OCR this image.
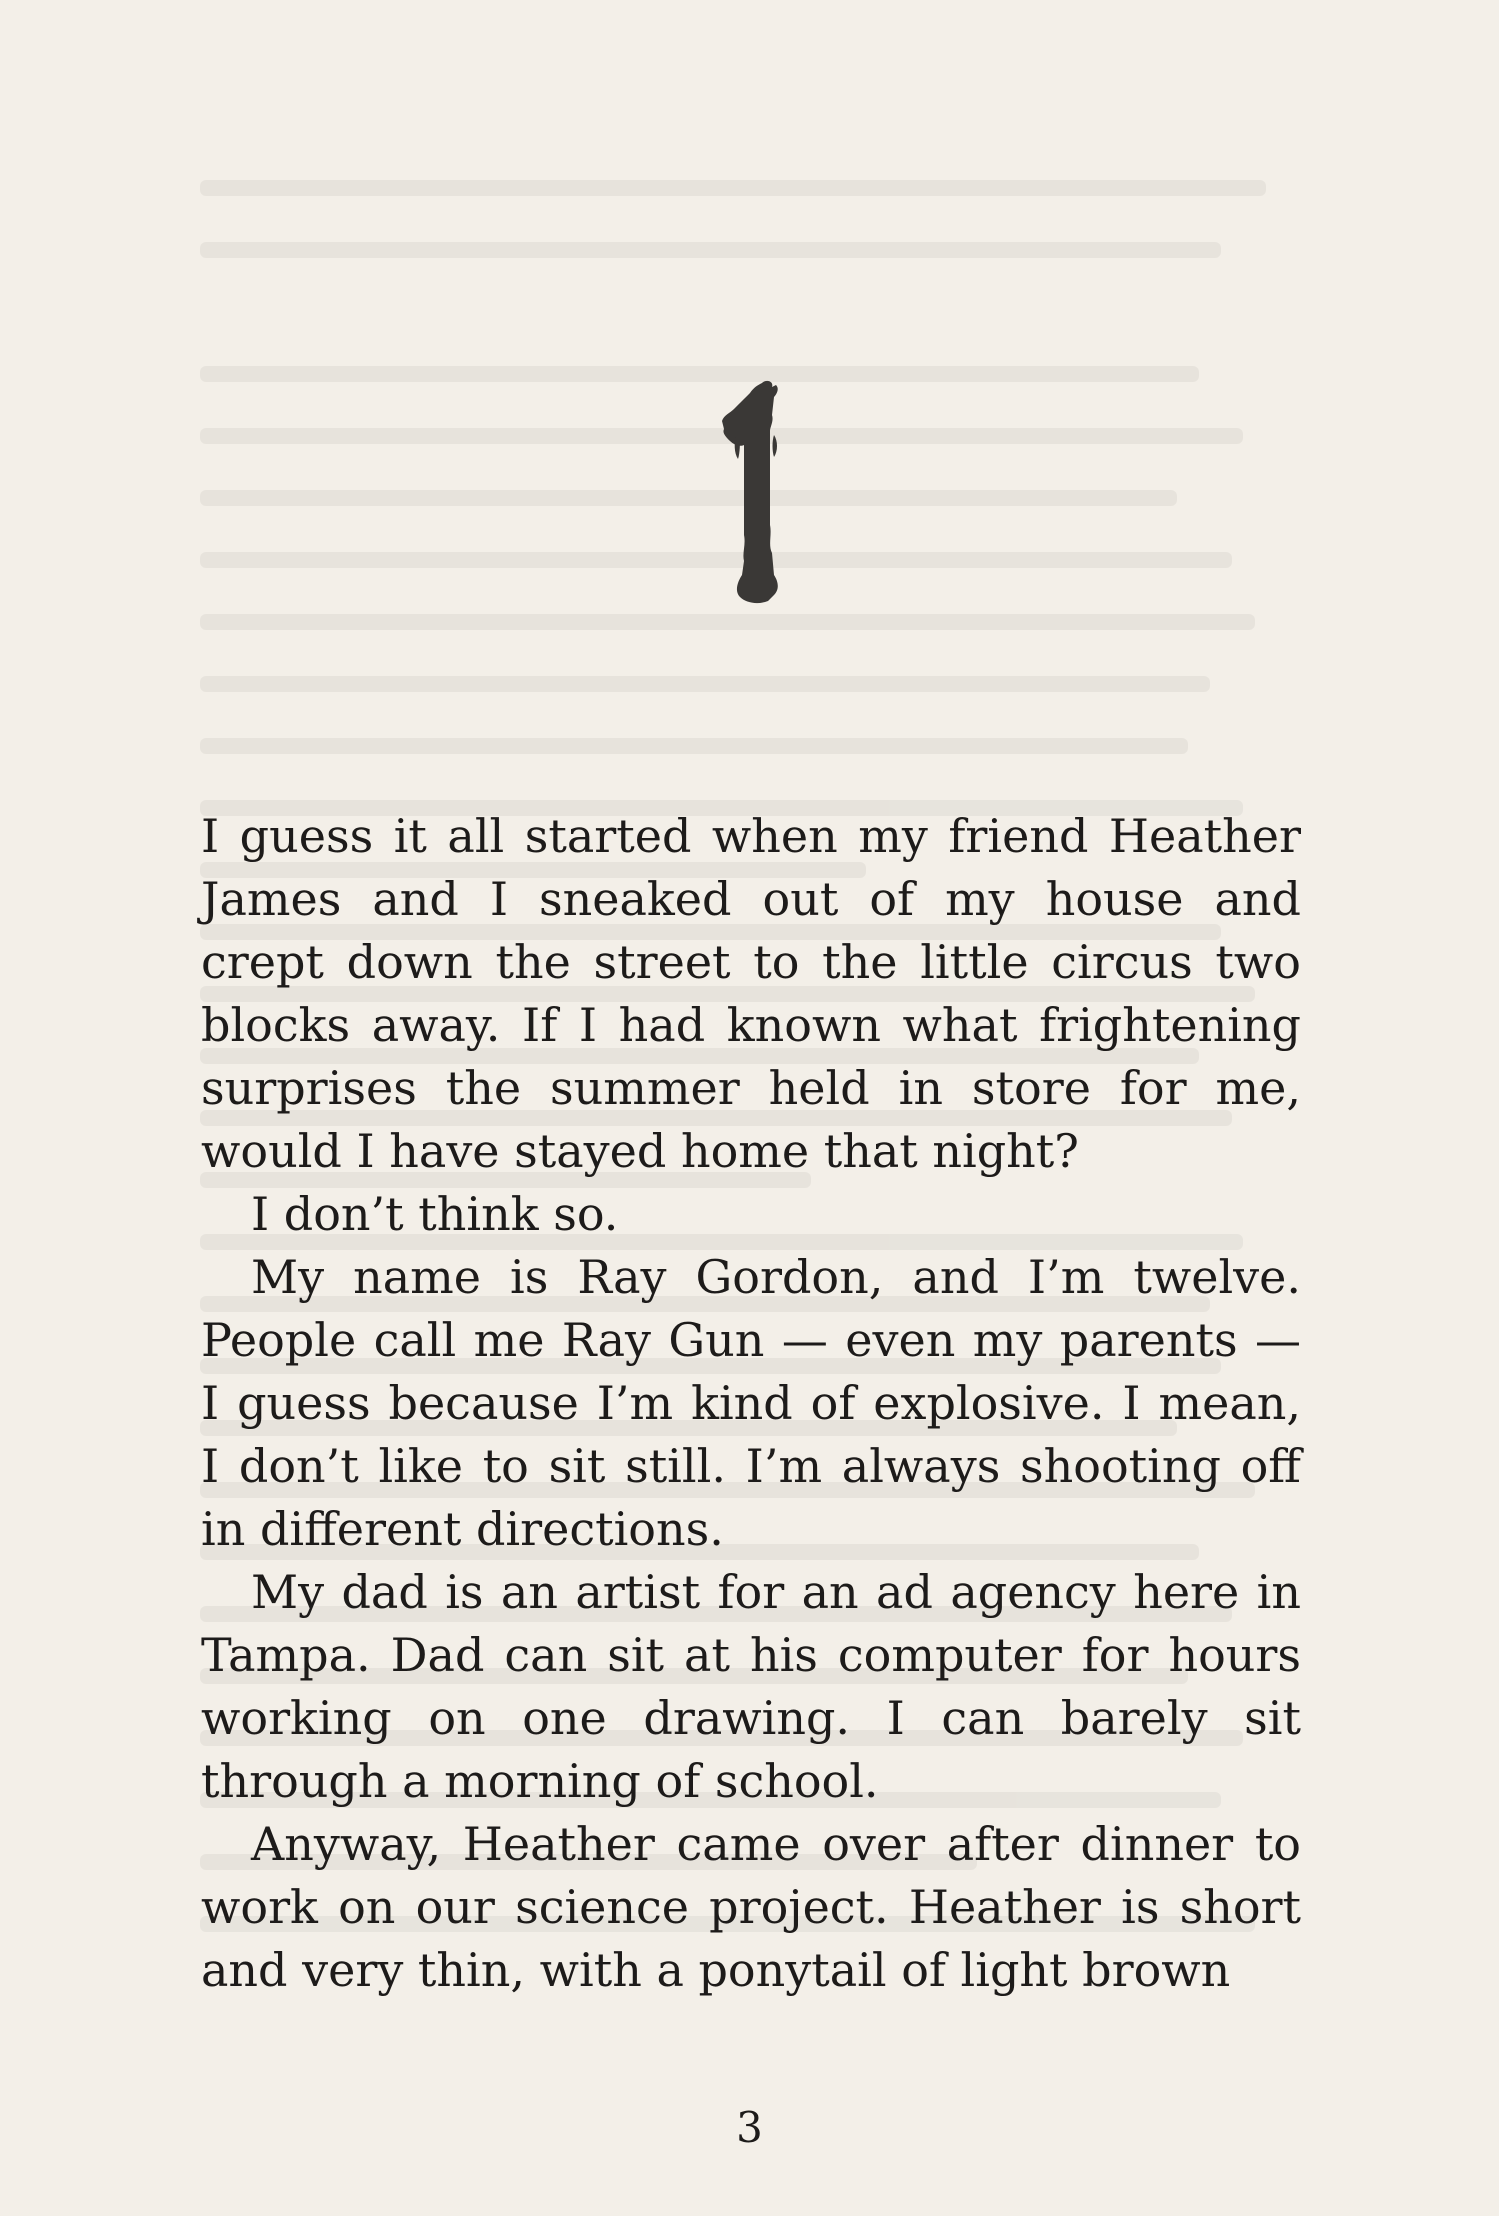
I guess it all started when my friend Heather James and I sneaked out of my house and crept down the street to the little circus two blocks away. If I had known what frightening surprises the summer held in store for me, would I have stayed home that night?

I don’t think so.

My name is Ray Gordon, and I’m twelve. People call me Ray Gun — even my parents — I guess because I’m kind of explosive. I mean, I don’t like to sit still. I’m always shooting off in different directions.

My dad is an artist for an ad agency here in Tampa. Dad can sit at his computer for hours working on one drawing. I can barely sit through a morning of school.

Anyway, Heather came over after dinner to work on our science project. Heather is short and very thin, with a ponytail of light brown

3
